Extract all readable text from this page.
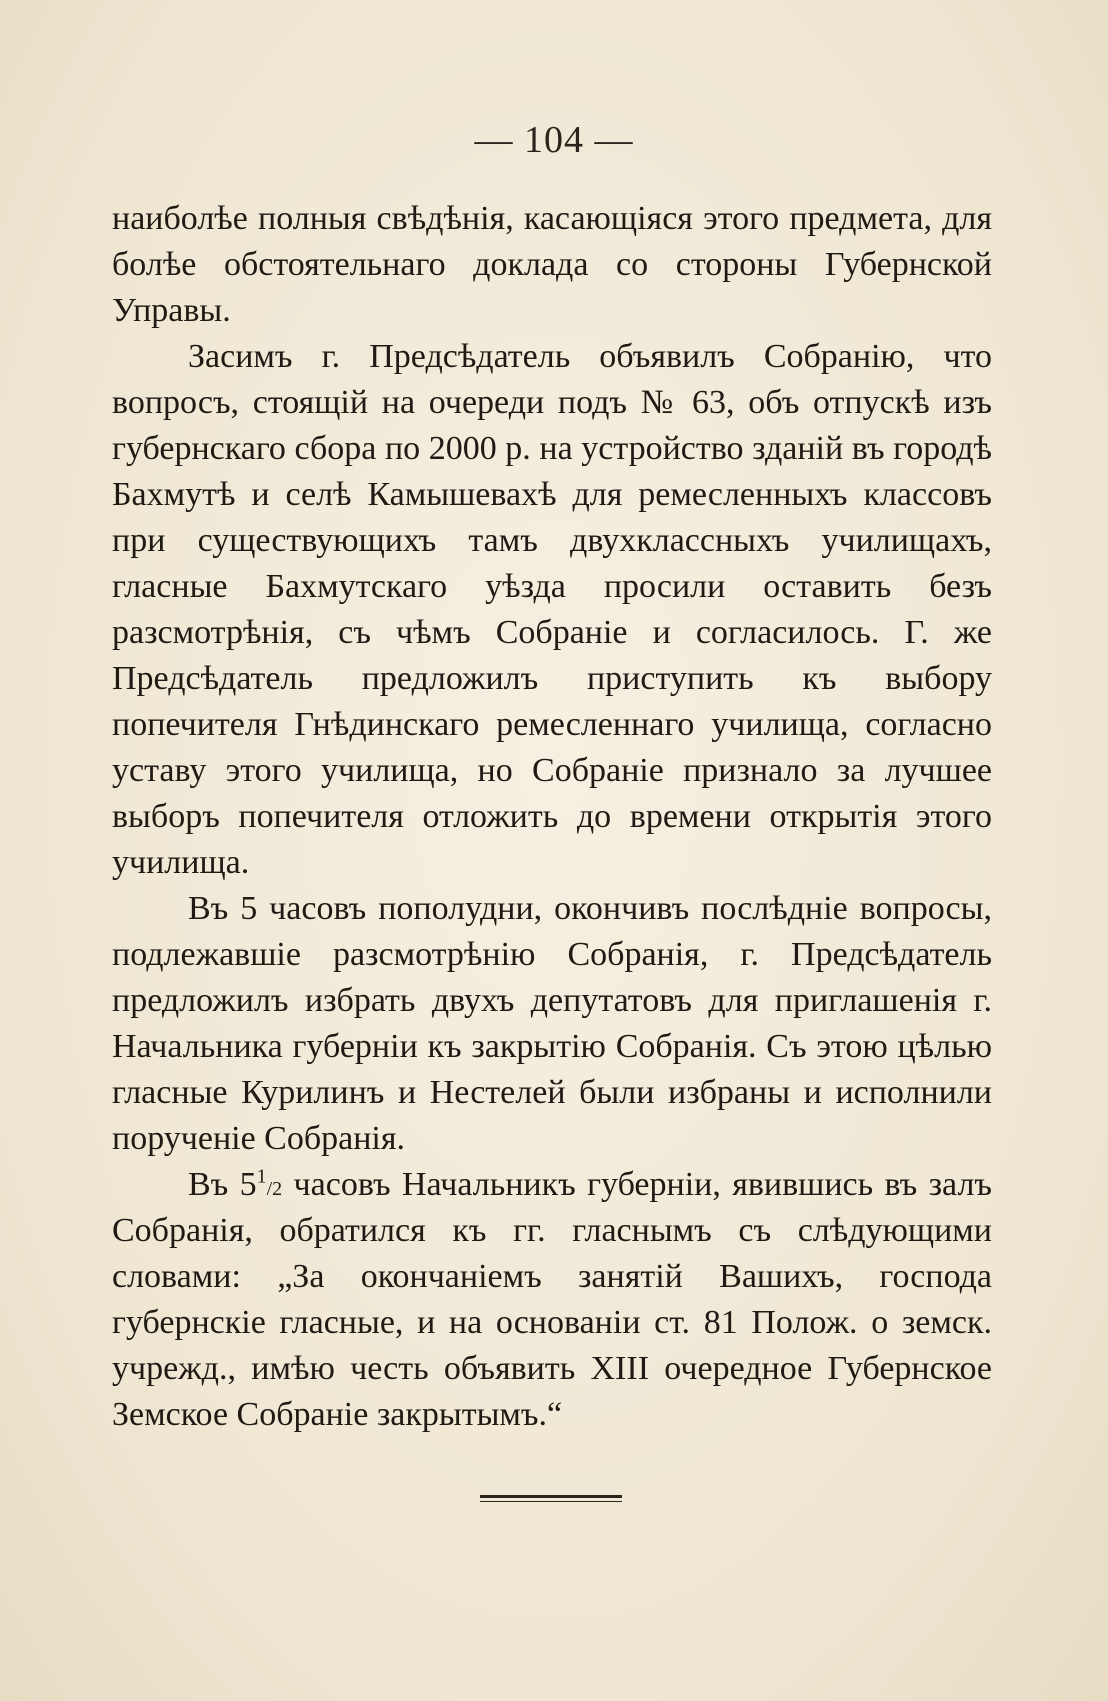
— 104 —

наиболѣе полныя свѣдѣнія, касающіяся этого предмета, для болѣе обстоятельнаго доклада со стороны Губернской Управы.

Засимъ г. Предсѣдатель объявилъ Собранію, что вопросъ, стоящій на очереди подъ № 63, объ отпускѣ изъ губернскаго сбора по 2000 р. на устройство зданій въ городѣ Бахмутѣ и селѣ Камышевахѣ для ремесленныхъ классовъ при существующихъ тамъ двухклассныхъ училищахъ, гласные Бахмутскаго уѣзда просили оставить безъ разсмотрѣнія, съ чѣмъ Собраніе и согласилось. Г. же Предсѣдатель предложилъ приступить къ выбору попечителя Гнѣдинскаго ремесленнаго училища, согласно уставу этого училища, но Собраніе признало за лучшее выборъ попечителя отложить до времени открытія этого училища.

Въ 5 часовъ пополудни, окончивъ послѣдніе вопросы, подлежавшіе разсмотрѣнію Собранія, г. Предсѣдатель предложилъ избрать двухъ депутатовъ для приглашенія г. Начальника губерніи къ закрытію Собранія. Съ этою цѣлью гласные Курилинъ и Нестелей были избраны и исполнили порученіе Собранія.

Въ $5^1/2$ часовъ Начальникъ губерніи, явившись въ залъ Собранія, обратился къ гг. гласнымъ съ слѣдующими словами: „За окончаніемъ занятій Вашихъ, господа губернскіе гласные, и на основаніи ст. 81 Полож. о земск. учрежд., имѣю честь объявить XIII очередное Губернское Земское Собраніе закрытымъ.“
